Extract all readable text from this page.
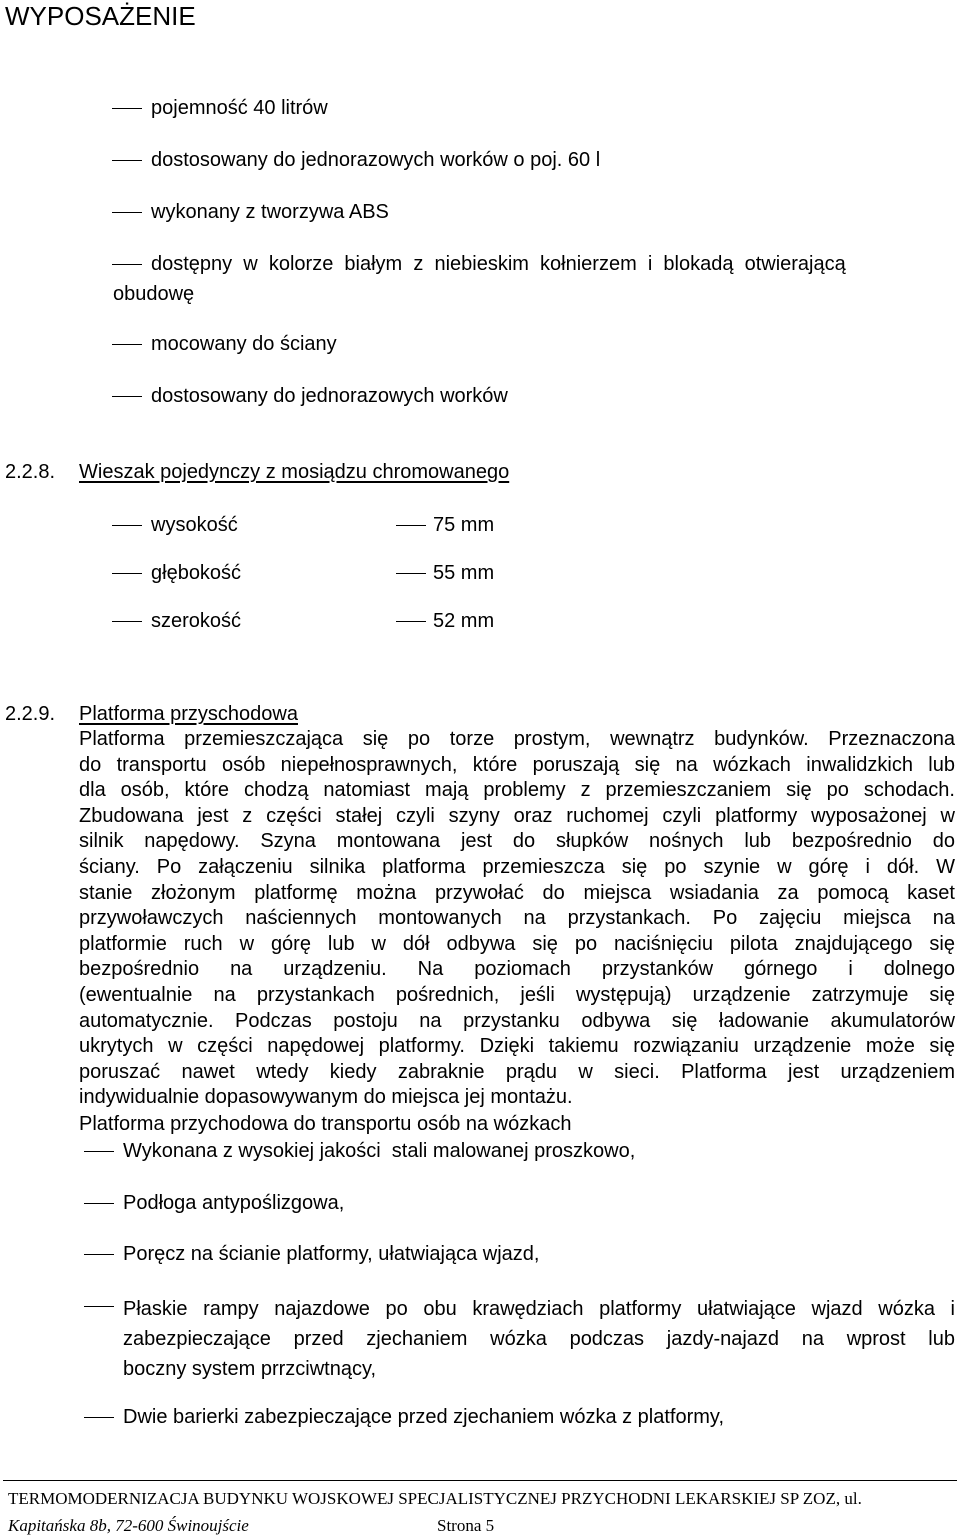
WYPOSAŻENIE
pojemność 40 litrów
dostosowany do jednorazowych worków o poj. 60 l
wykonany z tworzywa ABS
dostępny  w  kolorze  białym  z  niebieskim  kołnierzem  i  blokadą  otwierającą
obudowę
mocowany do ściany
dostosowany do jednorazowych worków
2.2.8. Wieszak pojedynczy z mosiądzu chromowanego
wysokość	75 mm
głębokość	55 mm
szerokość	52 mm
2.2.9. Platforma przyschodowa
Platforma przemieszczająca się po torze prostym, wewnątrz budynków. Przeznaczona
do transportu osób niepełnosprawnych, które poruszają się na wózkach inwalidzkich lub
dla osób, które chodzą natomiast mają problemy z przemieszczaniem się po schodach.
Zbudowana jest z części stałej czyli szyny oraz ruchomej czyli platformy wyposażonej w
silnik napędowy. Szyna montowana jest do słupków nośnych lub bezpośrednio do
ściany. Po załączeniu silnika platforma przemieszcza się po szynie w górę i dół. W
stanie złożonym platformę można przywołać do miejsca wsiadania za pomocą kaset
przywoławczych naściennych montowanych na przystankach. Po zajęciu miejsca na
platformie ruch w górę lub w dół odbywa się po naciśnięciu pilota znajdującego się
bezpośrednio na urządzeniu. Na poziomach przystanków górnego i dolnego
(ewentualnie na przystankach pośrednich, jeśli występują) urządzenie zatrzymuje się
automatycznie. Podczas postoju na przystanku odbywa się ładowanie akumulatorów
ukrytych w części napędowej platformy. Dzięki takiemu rozwiązaniu urządzenie może się
poruszać nawet wtedy kiedy zabraknie prądu w sieci. Platforma jest urządzeniem
indywidualnie dopasowywanym do miejsca jej montażu.
Platforma przychodowa do transportu osób na wózkach
Wykonana z wysokiej jakości  stali malowanej proszkowo,
Podłoga antypoślizgowa,
Poręcz na ścianie platformy, ułatwiająca wjazd,
Płaskie rampy najazdowe po obu krawędziach platformy ułatwiające wjazd wózka i
zabezpieczające przed zjechaniem wózka podczas jazdy-najazd na wprost lub
boczny system prrzciwtnący,
Dwie barierki zabezpieczające przed zjechaniem wózka z platformy,
TERMOMODERNIZACJA BUDYNKU WOJSKOWEJ SPECJALISTYCZNEJ PRZYCHODNI LEKARSKIEJ SP ZOZ, ul.
Kapitańska 8b, 72-600 Świnoujście	Strona 5
